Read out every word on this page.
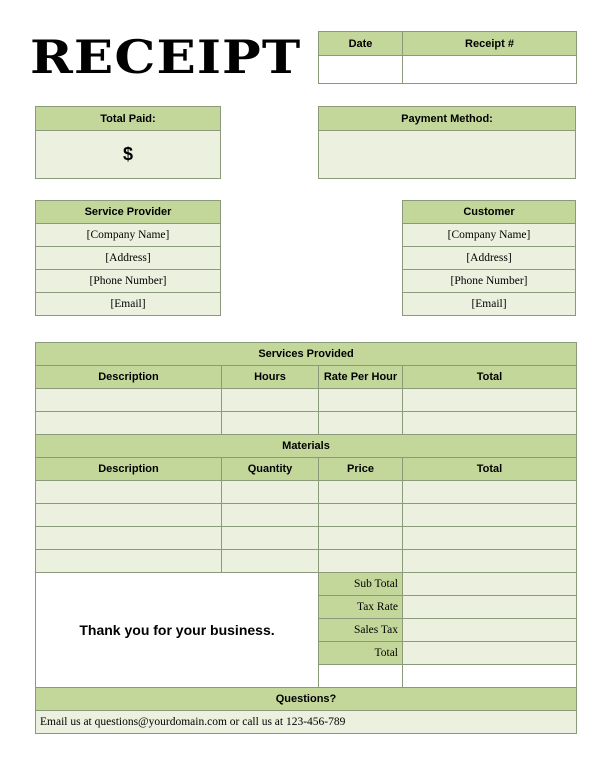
RECEIPT	Date	Receipt #

Total Paid:
$
Payment Method:

Service Provider
[Company Name]
[Address]
[Phone Number]
[Email]
Customer
[Company Name]
[Address]
[Phone Number]
[Email]
Services Provided			
Description	Hours	Rate Per Hour	Total

Materials			
Description	Quantity	Price	Total

Thank you for your business.		Sub Total	
		Tax Rate	
		Sales Tax	
		Total	

Questions?			
Email us at questions@yourdomain.com or call us at 123-456-789			
